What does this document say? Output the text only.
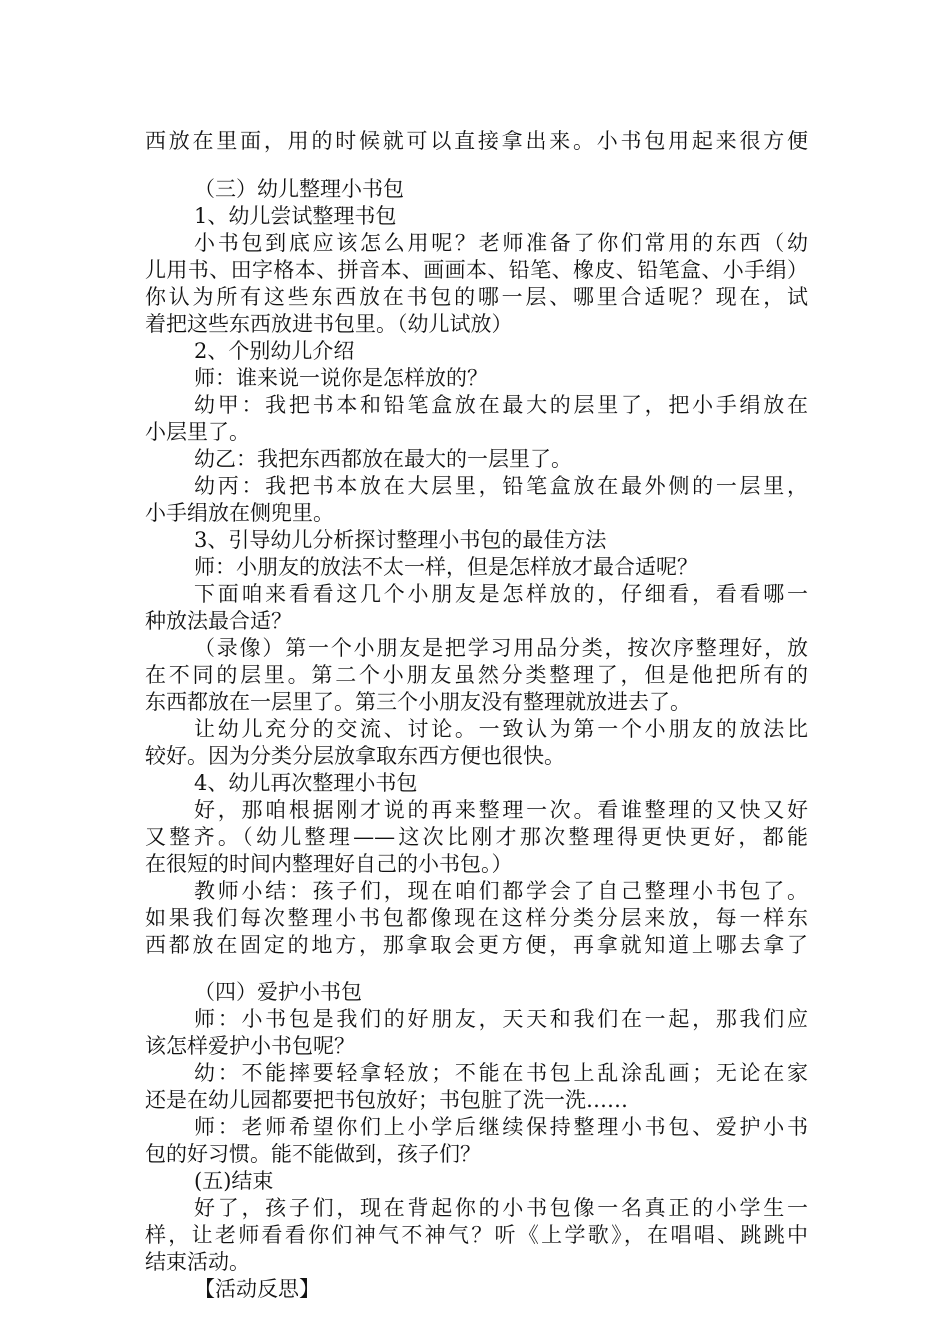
西放在里面，用的时候就可以直接拿出来。小书包用起来很方便
（三）幼儿整理小书包
1、幼儿尝试整理书包
小书包到底应该怎么用呢？老师准备了你们常用的东西（幼
儿用书、田字格本、拼音本、画画本、铅笔、橡皮、铅笔盒、小手绢）
你认为所有这些东西放在书包的哪一层、哪里合适呢？现在，试
着把这些东西放进书包里。（幼儿试放）
2、个别幼儿介绍
师：谁来说一说你是怎样放的？
幼甲：我把书本和铅笔盒放在最大的层里了，把小手绢放在
小层里了。
幼乙：我把东西都放在最大的一层里了。
幼丙：我把书本放在大层里，铅笔盒放在最外侧的一层里，
小手绢放在侧兜里。
3、引导幼儿分析探讨整理小书包的最佳方法
师：小朋友的放法不太一样，但是怎样放才最合适呢？
下面咱来看看这几个小朋友是怎样放的，仔细看，看看哪一
种放法最合适？
（录像）第一个小朋友是把学习用品分类，按次序整理好，放
在不同的层里。第二个小朋友虽然分类整理了，但是他把所有的
东西都放在一层里了。第三个小朋友没有整理就放进去了。
让幼儿充分的交流、讨论。一致认为第一个小朋友的放法比
较好。因为分类分层放拿取东西方便也很快。
4、幼儿再次整理小书包
好，那咱根据刚才说的再来整理一次。看谁整理的又快又好
又整齐。（幼儿整理——这次比刚才那次整理得更快更好，都能
在很短的时间内整理好自己的小书包。）
教师小结：孩子们，现在咱们都学会了自己整理小书包了。
如果我们每次整理小书包都像现在这样分类分层来放，每一样东
西都放在固定的地方，那拿取会更方便，再拿就知道上哪去拿了
（四）爱护小书包
师：小书包是我们的好朋友，天天和我们在一起，那我们应
该怎样爱护小书包呢？
幼：不能摔要轻拿轻放；不能在书包上乱涂乱画；无论在家
还是在幼儿园都要把书包放好；书包脏了洗一洗……
师：老师希望你们上小学后继续保持整理小书包、爱护小书
包的好习惯。能不能做到，孩子们？
(五)结束
好了，孩子们，现在背起你的小书包像一名真正的小学生一
样，让老师看看你们神气不神气？听《上学歌》，在唱唱、跳跳中
结束活动。
【活动反思】
